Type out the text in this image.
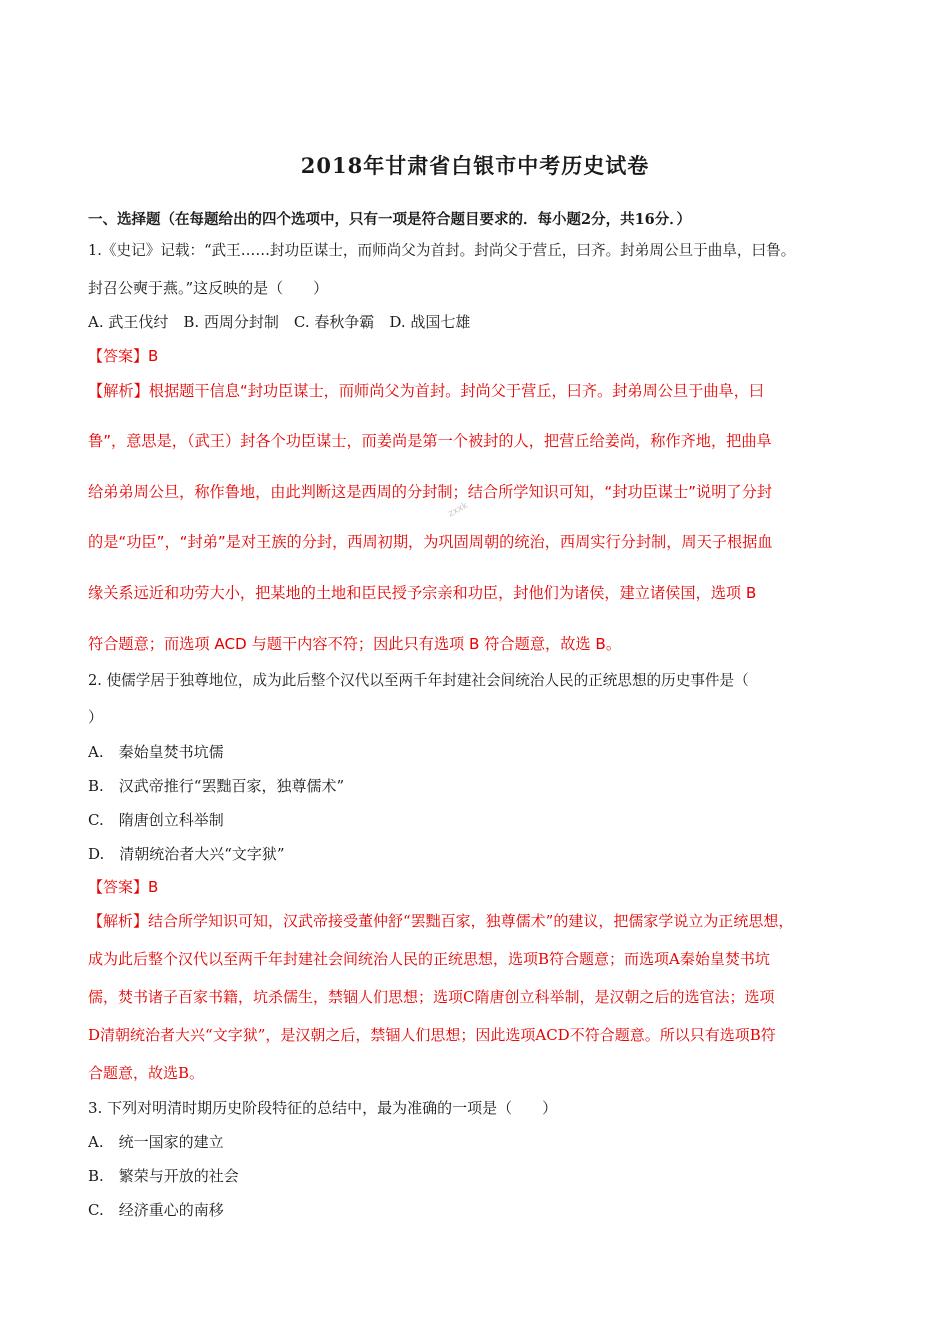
2018年甘肃省白银市中考历史试卷
一、选择题（在每题给出的四个选项中，只有一项是符合题目要求的．每小题2分，共16分．）
1.《史记》记载：“武王……封功臣谋士，而师尚父为首封。封尚父于营丘，曰齐。封弟周公旦于曲阜，曰鲁。
封召公奭于燕。”这反映的是（　　）
A. 武王伐纣　B. 西周分封制　C. 春秋争霸　D. 战国七雄
【答案】B
【解析】根据题干信息“封功臣谋士，而师尚父为首封。封尚父于营丘，曰齐。封弟周公旦于曲阜，曰
鲁”，意思是，（武王）封各个功臣谋士，而姜尚是第一个被封的人，把营丘给姜尚，称作齐地，把曲阜
给弟弟周公旦，称作鲁地，由此判断这是西周的分封制；结合所学知识可知，“封功臣谋士”说明了分封
的是“功臣”，“封弟”是对王族的分封，西周初期，为巩固周朝的统治，西周实行分封制，周天子根据血
缘关系远近和功劳大小，把某地的土地和臣民授予宗亲和功臣，封他们为诸侯，建立诸侯国，选项 B
符合题意；而选项 ACD 与题干内容不符；因此只有选项 B 符合题意，故选 B。
zxxk
2. 使儒学居于独尊地位，成为此后整个汉代以至两千年封建社会间统治人民的正统思想的历史事件是（
）
A.　秦始皇焚书坑儒
B.　汉武帝推行“罢黜百家，独尊儒术”
C.　隋唐创立科举制
D.　清朝统治者大兴“文字狱”
【答案】B
【解析】结合所学知识可知，汉武帝接受董仲舒“罢黜百家，独尊儒术”的建议，把儒家学说立为正统思想，
成为此后整个汉代以至两千年封建社会间统治人民的正统思想，选项B符合题意；而选项A秦始皇焚书坑
儒，焚书诸子百家书籍，坑杀儒生，禁锢人们思想；选项C隋唐创立科举制，是汉朝之后的选官法；选项
D清朝统治者大兴“文字狱”，是汉朝之后，禁锢人们思想；因此选项ACD不符合题意。所以只有选项B符
合题意，故选B。
3. 下列对明清时期历史阶段特征的总结中，最为准确的一项是（　　）
A.　统一国家的建立
B.　繁荣与开放的社会
C.　经济重心的南移
